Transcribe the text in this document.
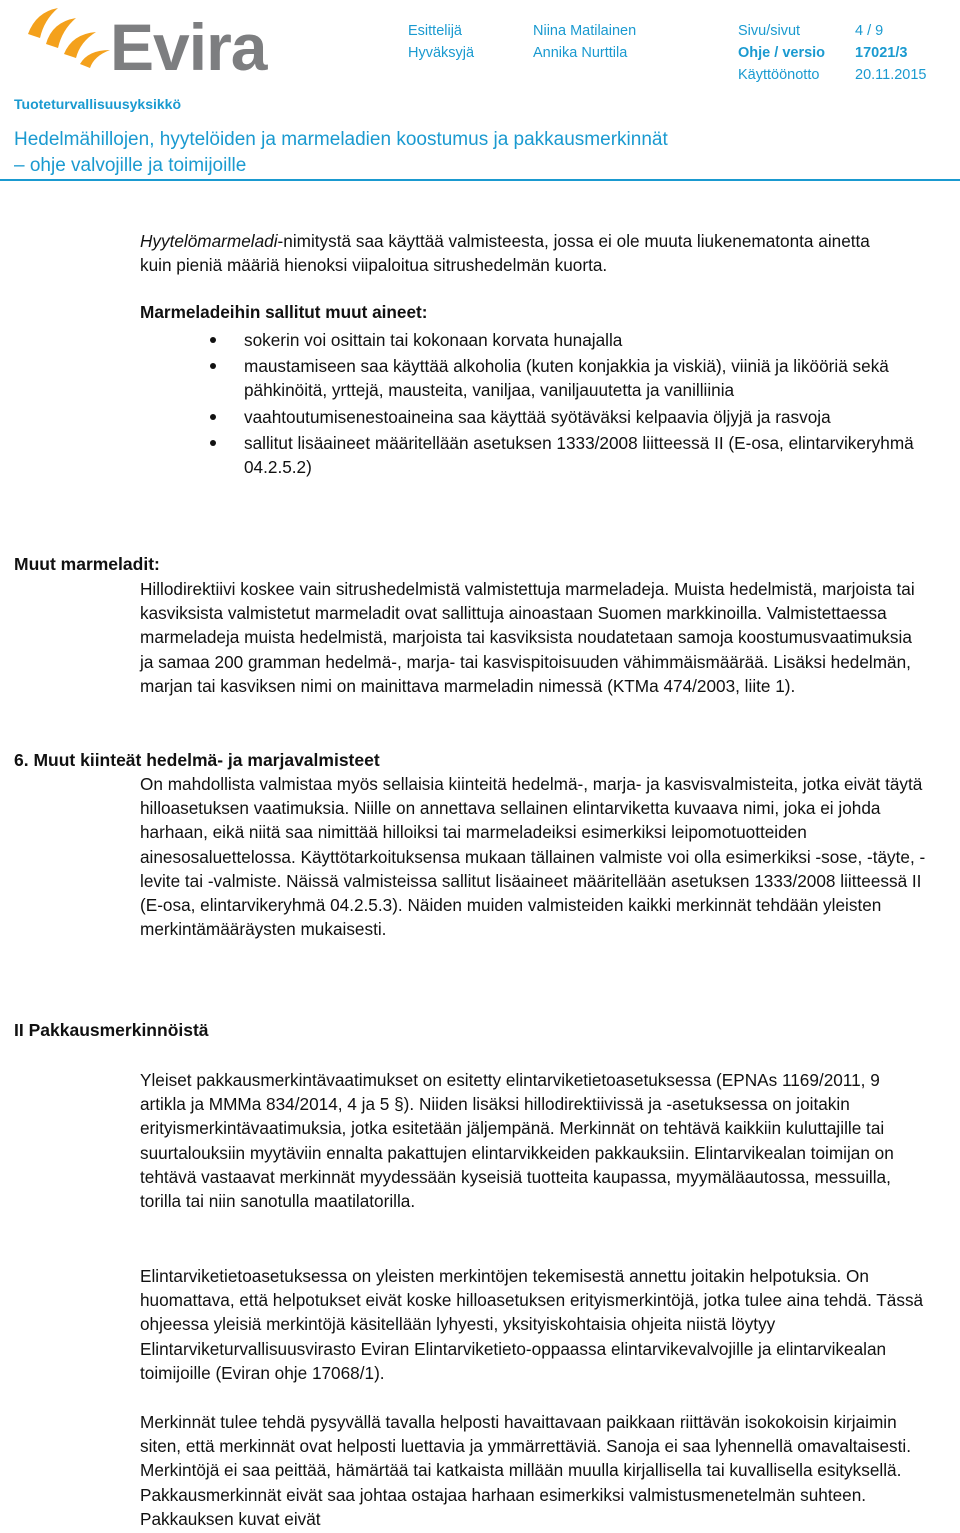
Evira	Esittelijä	Niina Matilainen
Hyväksyjä	Annika Nurttila
Sivu/sivut	4 / 9
Ohje / versio 17021/3
Käyttöönotto 20.11.2015
Tuoteturvallisuusyksikkö
Hedelmähillojen, hyytelöiden ja marmeladien koostumus ja pakkausmerkinnät
– ohje valvojille ja toimijoille

Hyytelömarmeladi-nimitystä saa käyttää valmisteesta, jossa ei ole muuta liukenematonta ainetta kuin pieniä määriä hienoksi viipaloitua sitrushedelmän kuorta.

Marmeladeihin sallitut muut aineet:

sokerin voi osittain tai kokonaan korvata hunajalla
maustamiseen saa käyttää alkoholia (kuten konjakkia ja viskiä), viiniä ja likööriä sekä pähkinöitä, yrttejä, mausteita, vaniljaa, vaniljauutetta ja vanilliinia
vaahtoutumisenestoaineina saa käyttää syötäväksi kelpaavia öljyjä ja rasvoja
sallitut lisäaineet määritellään asetuksen 1333/2008 liitteessä II (E-osa, elintarvikeryhmä 04.2.5.2)

Muut marmeladit:

Hillodirektiivi koskee vain sitrushedelmistä valmistettuja marmeladeja. Muista hedelmistä, marjoista tai kasviksista valmistetut marmeladit ovat sallittuja ainoastaan Suomen markkinoilla. Valmistettaessa marmeladeja muista hedelmistä, marjoista tai kasviksista noudatetaan samoja koostumusvaatimuksia ja samaa 200 gramman hedelmä-, marja- tai kasvispitoisuuden vähimmäismäärää. Lisäksi hedelmän, marjan tai kasviksen nimi on mainittava marmeladin nimessä (KTMa 474/2003, liite 1).

6. Muut kiinteät hedelmä- ja marjavalmisteet

On mahdollista valmistaa myös sellaisia kiinteitä hedelmä-, marja- ja kasvisvalmisteita, jotka eivät täytä hilloasetuksen vaatimuksia. Niille on annettava sellainen elintarviketta kuvaava nimi, joka ei johda harhaan, eikä niitä saa nimittää hilloiksi tai marmeladeiksi esimerkiksi leipomotuotteiden ainesosaluettelossa. Käyttötarkoituksensa mukaan tällainen valmiste voi olla esimerkiksi -sose, -täyte, -levite tai -valmiste. Näissä valmisteissa sallitut lisäaineet määritellään asetuksen 1333/2008 liitteessä II (E-osa, elintarvikeryhmä 04.2.5.3). Näiden muiden valmisteiden kaikki merkinnät tehdään yleisten merkintämääräysten mukaisesti.

II Pakkausmerkinnöistä

Yleiset pakkausmerkintävaatimukset on esitetty elintarviketietoasetuksessa (EPNAs 1169/2011, 9 artikla ja MMMa 834/2014, 4 ja 5 §). Niiden lisäksi hillodirektiivissä ja -asetuksessa on joitakin erityismerkintävaatimuksia, jotka esitetään jäljempänä. Merkinnät on tehtävä kaikkiin kuluttajille tai suurtalouksiin myytäviin ennalta pakattujen elintarvikkeiden pakkauksiin. Elintarvikealan toimijan on tehtävä vastaavat merkinnät myydessään kyseisiä tuotteita kaupassa, myymäläautossa, messuilla, torilla tai niin sanotulla maatilatorilla.

Elintarviketietoasetuksessa on yleisten merkintöjen tekemisestä annettu joitakin helpotuksia. On huomattava, että helpotukset eivät koske hilloasetuksen erityismerkintöjä, jotka tulee aina tehdä. Tässä ohjeessa yleisiä merkintöjä käsitellään lyhyesti, yksityiskohtaisia ohjeita niistä löytyy Elintarviketurvallisuusvirasto Eviran Elintarviketieto-oppaassa elintarvikevalvojille ja elintarvikealan toimijoille (Eviran ohje 17068/1).

Merkinnät tulee tehdä pysyvällä tavalla helposti havaittavaan paikkaan riittävän isokokoisin kirjaimin siten, että merkinnät ovat helposti luettavia ja ymmärrettäviä. Sanoja ei saa lyhennellä omavaltaisesti. Merkintöjä ei saa peittää, hämärtää tai katkaista millään muulla kirjallisella tai kuvallisella esityksellä. Pakkausmerkinnät eivät saa johtaa ostajaa harhaan esimerkiksi valmistusmenetelmän suhteen. Pakkauksen kuvat eivät
